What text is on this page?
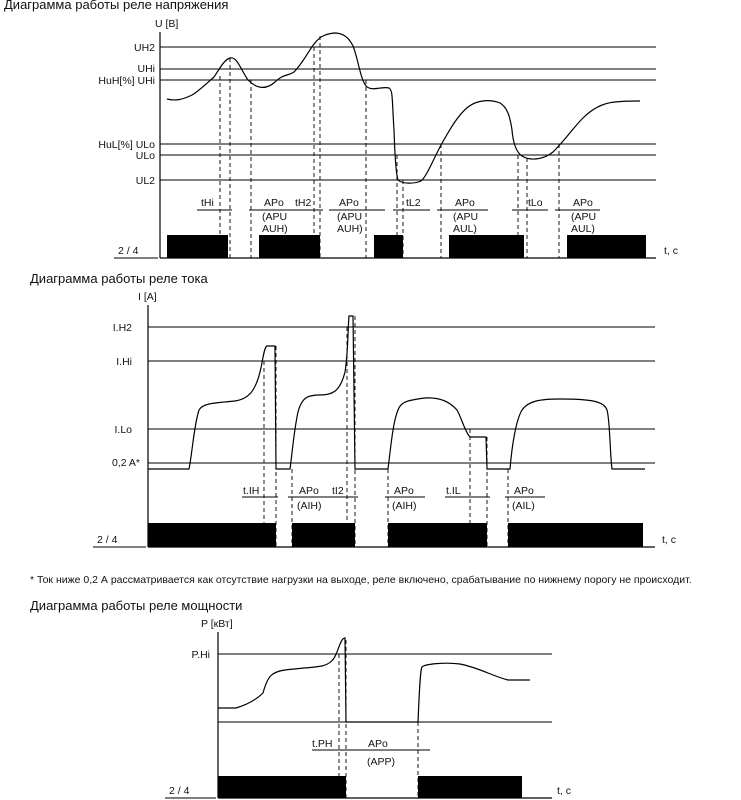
Диаграмма работы реле напряжения
U [В]
t, с
UH2
UHi
HuH[%] UHi
HuL[%] ULo
ULo
UL2
tHi	tH2	tL2	tLo
APo
(APU
AUH)
APo
(APU
AUH)
APo
(APU
AUL)
APo
(APU
AUL)
2 / 4
Диаграмма работы реле тока
I [A]
t, с
I.H2
I.Hi
I.Lo
0,2 A*
t.IH	tI2	t.IL
APo
(AIH)
APo
(AIH)
APo
(AIL)
2 / 4
* Ток ниже 0,2 А рассматривается как отсутствие нагрузки на выходе, реле включено, срабатывание по нижнему порогу не происходит.
Диаграмма работы реле мощности
P [кВт]
t, с
P.Hi
t.PH	APo
(APP)
2 / 4
